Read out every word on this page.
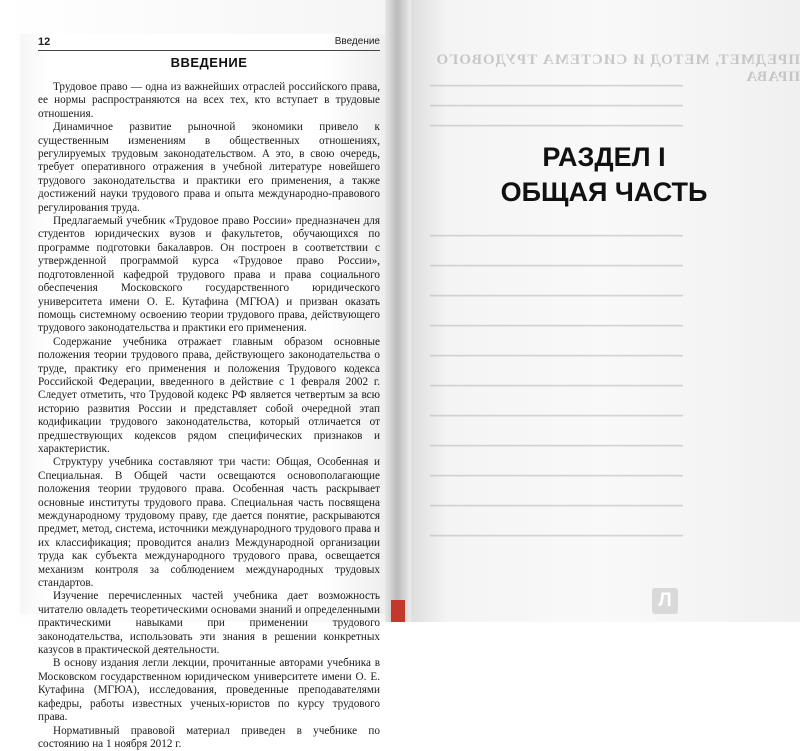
ПРЕДМЕТ, МЕТОД И СИСТЕМА ТРУДОВОГО ПРАВА
━━━━━━━━━━━━━━━━━━━━━━━━━━━━━━━━━━━━━━━━━━
━━━━━━━━━━━━━━━━━━━━━━━━━━━━━━━━━━━━━━━━━━
━━━━━━━━━━━━━━━━━━━━━━━━━━━━━━━━━━━━━━━━━━
━━━━━━━━━━━━━━━━━━━━━━━━━━━━━━━━━━━━━━━━━━
━━━━━━━━━━━━━━━━━━━━━━━━━━━━━━━━━━━━━━━━━━
━━━━━━━━━━━━━━━━━━━━━━━━━━━━━━━━━━━━━━━━━━
━━━━━━━━━━━━━━━━━━━━━━━━━━━━━━━━━━━━━━━━━━
━━━━━━━━━━━━━━━━━━━━━━━━━━━━━━━━━━━━━━━━━━
━━━━━━━━━━━━━━━━━━━━━━━━━━━━━━━━━━━━━━━━━━
━━━━━━━━━━━━━━━━━━━━━━━━━━━━━━━━━━━━━━━━━━
━━━━━━━━━━━━━━━━━━━━━━━━━━━━━━━━━━━━━━━━━━
━━━━━━━━━━━━━━━━━━━━━━━━━━━━━━━━━━━━━━━━━━
━━━━━━━━━━━━━━━━━━━━━━━━━━━━━━━━━━━━━━━━━━
━━━━━━━━━━━━━━━━━━━━━━━━━━━━━━━━━━━━━━━━━━
12	Введение
ВВЕДЕНИЕ

Трудовое право — одна из важнейших отраслей российского права, ее нормы распространяются на всех тех, кто вступает в трудовые отношения.

Динамичное развитие рыночной экономики привело к существенным изменениям в общественных отношениях, регулируемых трудовым законодательством. А это, в свою очередь, требует оперативного отражения в учебной литературе новейшего трудового законодательства и практики его применения, а также достижений науки трудового права и опыта международно-правового регулирования труда.

Предлагаемый учебник «Трудовое право России» предназначен для студентов юридических вузов и факультетов, обучающихся по программе подготовки бакалавров. Он построен в соответствии с утвержденной программой курса «Трудовое право России», подготовленной кафедрой трудового права и права социального обеспечения Московского государственного юридического университета имени О. Е. Кутафина (МГЮА) и призван оказать помощь системному освоению теории трудового права, действующего трудового законодательства и практики его применения.

Содержание учебника отражает главным образом основные положения теории трудового права, действующего законодательства о труде, практику его применения и положения Трудового кодекса Российской Федерации, введенного в действие с 1 февраля 2002 г. Следует отметить, что Трудовой кодекс РФ является четвертым за всю историю развития России и представляет собой очередной этап кодификации трудового законодательства, который отличается от предшествующих кодексов рядом специфических признаков и характеристик.

Структуру учебника составляют три части: Общая, Особенная и Специальная. В Общей части освещаются основополагающие положения теории трудового права. Особенная часть раскрывает основные институты трудового права. Специальная часть посвящена международному трудовому праву, где дается понятие, раскрываются предмет, метод, система, источники международного трудового права и их классификация; проводится анализ Международной организации труда как субъекта международного трудового права, освещается механизм контроля за соблюдением международных трудовых стандартов.

Изучение перечисленных частей учебника дает возможность читателю овладеть теоретическими основами знаний и определенными практическими навыками при применении трудового законодательства, использовать эти знания в решении конкретных казусов в практической деятельности.

В основу издания легли лекции, прочитанные авторами учебника в Московском государственном юридическом университете имени О. Е. Кутафина (МГЮА), исследования, проведенные преподавателями кафедры, работы известных ученых-юристов по курсу трудового права.

Нормативный правовой материал приведен в учебнике по состоянию на 1 ноября 2012 г.

РАЗДЕЛ I
ОБЩАЯ ЧАСТЬ
Л
